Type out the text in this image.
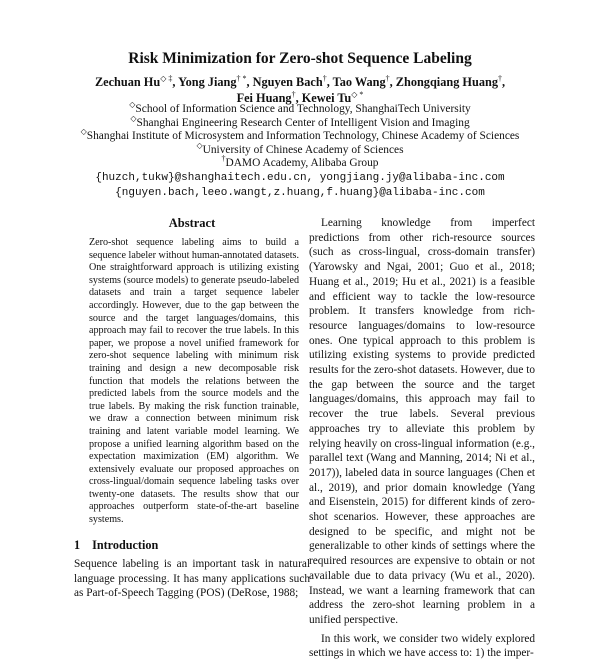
Risk Minimization for Zero-shot Sequence Labeling
Zechuan Hu◇ ‡, Yong Jiang† *, Nguyen Bach†, Tao Wang†, Zhongqiang Huang†,
Fei Huang†, Kewei Tu◇ *
◇School of Information Science and Technology, ShanghaiTech University
◇Shanghai Engineering Research Center of Intelligent Vision and Imaging
◇Shanghai Institute of Microsystem and Information Technology, Chinese Academy of Sciences
◇University of Chinese Academy of Sciences
†DAMO Academy, Alibaba Group
{huzch,tukw}@shanghaitech.edu.cn, yongjiang.jy@alibaba-inc.com
{nguyen.bach,leeo.wangt,z.huang,f.huang}@alibaba-inc.com
Abstract
Zero-shot sequence labeling aims to build a sequence labeler without human-annotated datasets. One straightforward approach is utilizing existing systems (source models) to generate pseudo-labeled datasets and train a target sequence labeler accordingly. However, due to the gap between the source and the target languages/domains, this approach may fail to recover the true labels. In this paper, we propose a novel unified framework for zero-shot sequence labeling with minimum risk training and design a new decomposable risk function that models the relations between the predicted labels from the source models and the true labels. By making the risk function trainable, we draw a connection between minimum risk training and latent variable model learning. We propose a unified learning algorithm based on the expectation maximization (EM) algorithm. We extensively evaluate our proposed approaches on cross-lingual/domain sequence labeling tasks over twenty-one datasets. The results show that our approaches outperform state-of-the-art baseline systems.
1 Introduction

Sequence labeling is an important task in natural language processing. It has many applications such as Part-of-Speech Tagging (POS) (DeRose, 1988;

Learning knowledge from imperfect predictions from other rich-resource sources (such as cross-lingual, cross-domain transfer) (Yarowsky and Ngai, 2001; Guo et al., 2018; Huang et al., 2019; Hu et al., 2021) is a feasible and efficient way to tackle the low-resource problem. It transfers knowledge from rich-resource languages/domains to low-resource ones. One typical approach to this problem is utilizing existing systems to provide predicted results for the zero-shot datasets. However, due to the gap between the source and the target languages/domains, this approach may fail to recover the true labels. Several previous approaches try to alleviate this problem by relying heavily on cross-lingual information (e.g., parallel text (Wang and Manning, 2014; Ni et al., 2017)), labeled data in source languages (Chen et al., 2019), and prior domain knowledge (Yang and Eisenstein, 2015) for different kinds of zero-shot scenarios. However, these approaches are designed to be specific, and might not be generalizable to other kinds of settings where the required resources are expensive to obtain or not available due to data privacy (Wu et al., 2020). Instead, we want a learning framework that can address the zero-shot learning problem in a unified perspective.

In this work, we consider two widely explored settings in which we have access to: 1) the imper-
